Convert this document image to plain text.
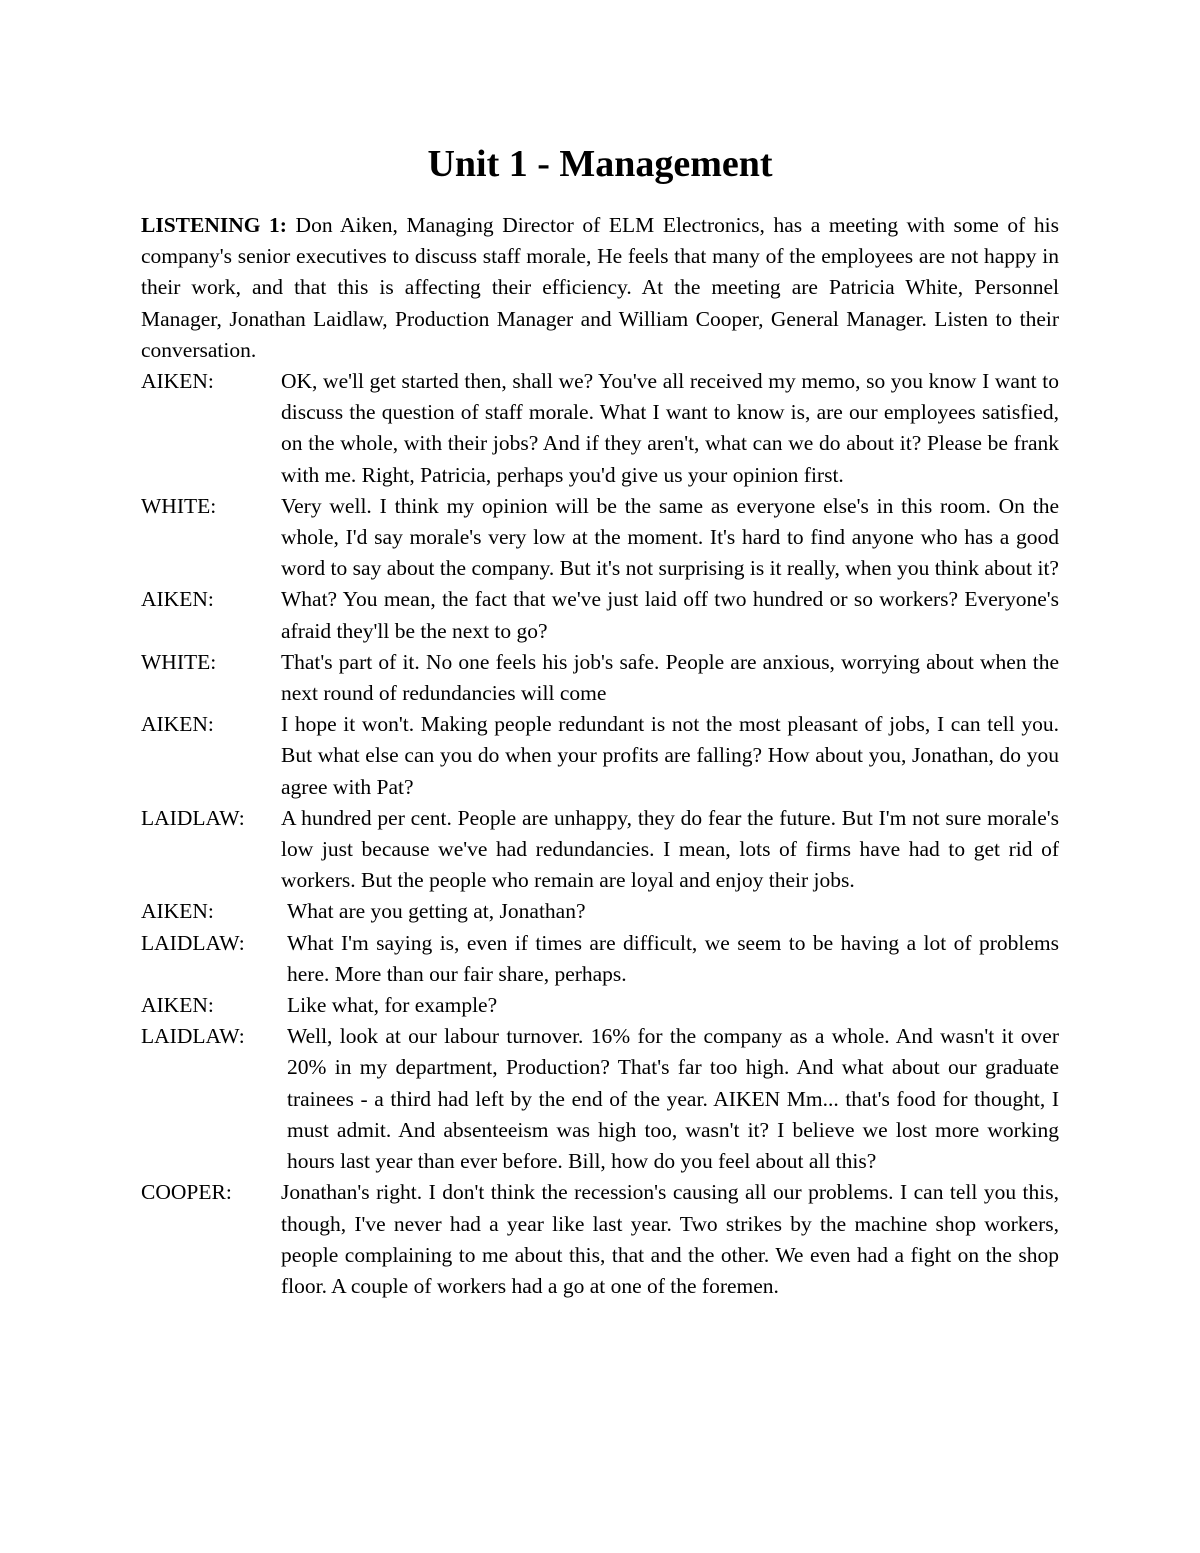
Unit 1 - Management

LISTENING 1: Don Aiken, Managing Director of ELM Electronics, has a meeting with some of his company's senior executives to discuss staff morale, He feels that many of the employees are not happy in their work, and that this is affecting their efficiency. At the meeting are Patricia White, Personnel Manager, Jonathan Laidlaw, Production Manager and William Cooper, General Manager. Listen to their conversation.

AIKEN:	OK, we'll get started then, shall we? You've all received my memo, so you know I want to discuss the question of staff morale. What I want to know is, are our employees satisfied, on the whole, with their jobs? And if they aren't, what can we do about it? Please be frank with me. Right, Patricia, perhaps you'd give us your opinion first.
WHITE:	Very well. I think my opinion will be the same as everyone else's in this room. On the whole, I'd say morale's very low at the moment. It's hard to find anyone who has a good word to say about the company. But it's not surprising is it really, when you think about it?
AIKEN:	What? You mean, the fact that we've just laid off two hundred or so workers? Everyone's afraid they'll be the next to go?
WHITE:	That's part of it. No one feels his job's safe. People are anxious, worrying about when the next round of redundancies will come
AIKEN:	I hope it won't. Making people redundant is not the most pleasant of jobs, I can tell you. But what else can you do when your profits are falling? How about you, Jonathan, do you agree with Pat?
LAIDLAW:	A hundred per cent. People are unhappy, they do fear the future. But I'm not sure morale's low just because we've had redundancies. I mean, lots of firms have had to get rid of workers. But the people who remain are loyal and enjoy their jobs.
AIKEN:	What are you getting at, Jonathan?
LAIDLAW:	What I'm saying is, even if times are difficult, we seem to be having a lot of problems here. More than our fair share, perhaps.
AIKEN:	Like what, for example?
LAIDLAW:	Well, look at our labour turnover. 16% for the company as a whole. And wasn't it over 20% in my department, Production? That's far too high. And what about our graduate trainees - a third had left by the end of the year. AIKEN Mm... that's food for thought, I must admit. And absenteeism was high too, wasn't it? I believe we lost more working hours last year than ever before. Bill, how do you feel about all this?
COOPER:	Jonathan's right. I don't think the recession's causing all our problems. I can tell you this, though, I've never had a year like last year. Two strikes by the machine shop workers, people complaining to me about this, that and the other. We even had a fight on the shop floor. A couple of workers had a go at one of the foremen.
